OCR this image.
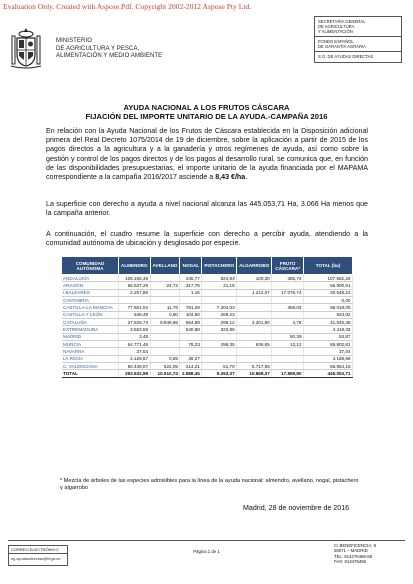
Evaluation Only. Created with Aspose.Pdf. Copyright 2002-2012 Aspose Pty Ltd.
MINISTERIO
DE AGRICULTURA Y PESCA,
ALIMENTACIÓN Y MEDIO AMBIENTE
SECRETARÍA GENERAL
DE AGRICULTURA
Y ALIMENTACIÓN
FONDO ESPAÑOL
DE GARANTÍA AGRARIA
S.G. DE AYUDAS DIRECTAS
AYUDA NACIONAL A LOS FRUTOS CÁSCARA
FIJACIÓN DEL IMPORTE UNITARIO DE LA AYUDA.-CAMPAÑA 2016
En relación con la Ayuda Nacional de los Frutos de Cáscara establecida en la Disposición adicional primera del Real Decreto 1075/2014 de 19 de diciembre, sobre la aplicación a partir de 2015 de los pagos directos a la agricultura y a la ganadería y otros regímenes de ayuda, así como sobre la gestión y control de los pagos directos y de los pagos al desarrollo rural, se comunica que, en función de las disponibilidades presupuestarias, el importe unitario de la ayuda financiada por el MAPAMA correspondiente a la campaña 2016/2017 asciende a 8,43 €/ha.
La superficie con derecho a ayuda a nivel nacional alcanza las 445.053,71 Ha, 3.066 Ha menos que la campaña anterior.
A continuación, el cuadro resume la superficie con derecho a percibir ayuda, atendiendo a la comunidad autónoma de ubicación y desglosado por especie.
COMUNIDAD AUTÓNOMA	ALMENDRO	AVELLANO	NOGAL	PISTACHERO	ALGARROBO	FRUTO CÁSCARA*	TOTAL (ha)
ANDALUCÍA	106.155,46		245,77	824,93	100,30	355,74	107.682,20
ARAGÓN	56.537,29	24,72	317,75	21,15			56.900,91
I.BALEARES	2.257,86		1,16		1.212,07	17.076,74	20.548,23
CANTABRIA							0,00
CASTILLA-LA MANCHA	77.661,04	11,76	781,29	7.204,03		359,03	86.018,05
CASTILLA Y LEÓN	548,49	0,80	104,50	269,23			923,02
CATALUÑA	27.525,73	9.949,96	564,99	299,12	3.201,80	4,78	41.546,38
EXTREMADURA	3.553,59		540,88	323,86			4.418,33
MADRID	3,48					50,39	53,87
MURCIA	64.771,46		78,23	299,35	636,65	13,12	65.802,81
NAVARRA	37,04						37,04
LA RIOJA	4.128,57	0,85	39,27				4.168,69
C. VALENCIANA	50.448,07	522,05	214,21	51,70	5.717,55		56.954,18
TOTAL	393.632,98	10.510,74	2.888,45	9.293,37	10.868,37	17.859,80	445.053,71
* Mezcla de árboles de las especies admisibles para la línea de la ayuda nacional: almendro, avellano, nogal, pistachero y algarrobo
Madrid, 28 de noviembre de 2016
CORREO ELECTRÓNICO
sg.ayudasdirectas@fega.es
Página 1 de 1
C/ BENEFICENCIA, 8
28071 – MADRID
TEL: 913476466-68
FAX: 913476465
